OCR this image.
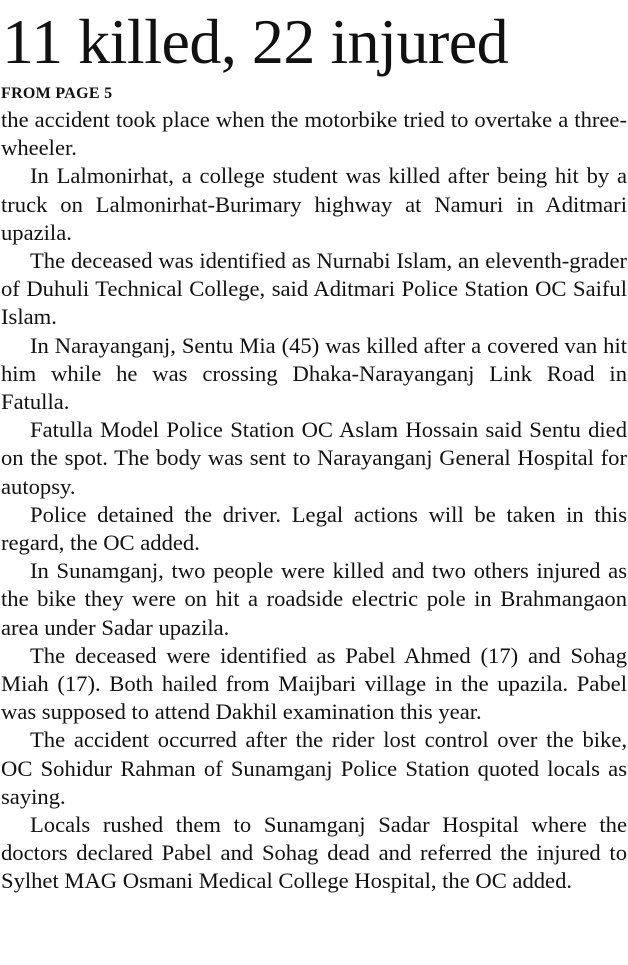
11 killed, 22 injured
FROM PAGE 5

the accident took place when the motorbike tried to overtake a three-wheeler.

In Lalmonirhat, a college student was killed after being hit by a truck on Lalmonirhat-Burimary highway at Namuri in Aditmari upazila.

The deceased was identified as Nurnabi Islam, an eleventh-grader of Duhuli Technical College, said Aditmari Police Station OC Saiful Islam.

In Narayanganj, Sentu Mia (45) was killed after a covered van hit him while he was crossing Dhaka-Narayanganj Link Road in Fatulla.

Fatulla Model Police Station OC Aslam Hossain said Sentu died on the spot. The body was sent to Narayanganj General Hospital for autopsy.

Police detained the driver. Legal actions will be taken in this regard, the OC added.

In Sunamganj, two people were killed and two others injured as the bike they were on hit a roadside electric pole in Brahmangaon area under Sadar upazila.

The deceased were identified as Pabel Ahmed (17) and Sohag Miah (17). Both hailed from Maijbari village in the upazila. Pabel was supposed to attend Dakhil examination this year.

The accident occurred after the rider lost control over the bike, OC Sohidur Rahman of Sunamganj Police Station quoted locals as saying.

Locals rushed them to Sunamganj Sadar Hospital where the doctors declared Pabel and Sohag dead and referred the injured to Sylhet MAG Osmani Medical College Hospital, the OC added.
